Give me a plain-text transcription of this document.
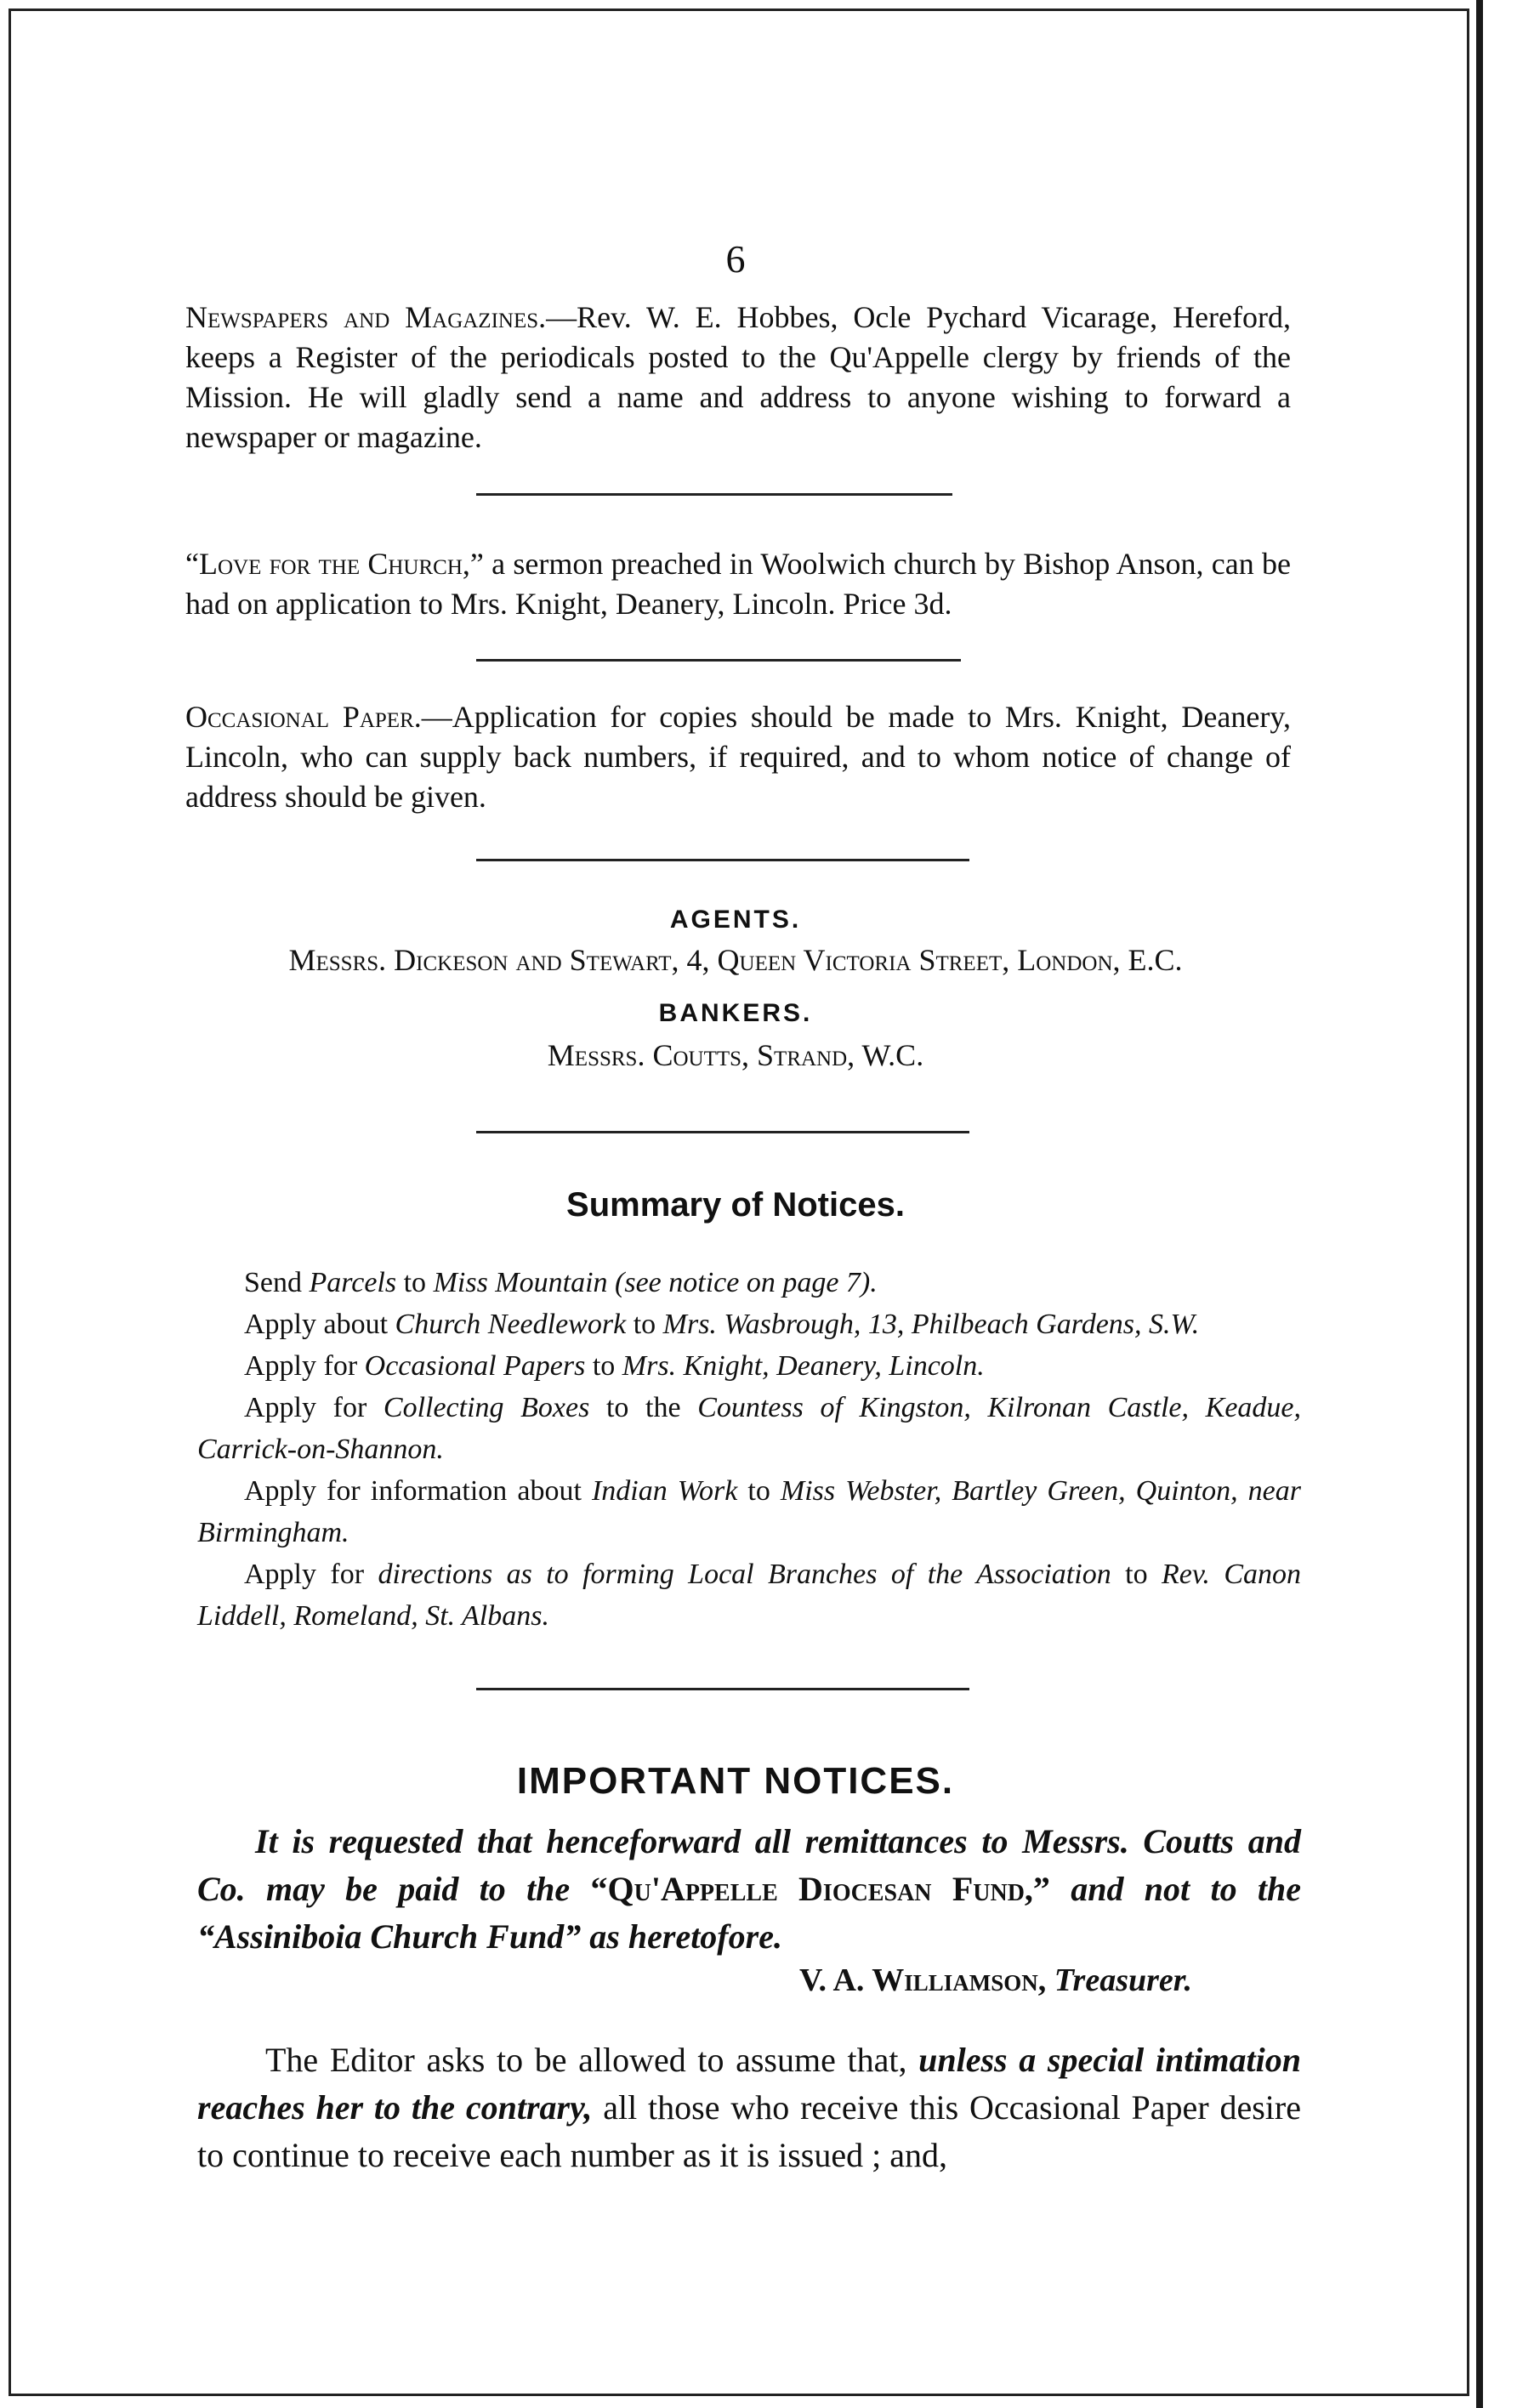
6
Newspapers and Magazines.—Rev. W. E. Hobbes, Ocle Pychard Vicarage, Hereford, keeps a Register of the periodicals posted to the Qu'Appelle clergy by friends of the Mission. He will gladly send a name and address to anyone wishing to forward a newspaper or magazine.
“Love for the Church,” a sermon preached in Woolwich church by Bishop Anson, can be had on application to Mrs. Knight, Deanery, Lincoln. Price 3d.
Occasional Paper.—Application for copies should be made to Mrs. Knight, Deanery, Lincoln, who can supply back numbers, if required, and to whom notice of change of address should be given.
AGENTS.
Messrs. Dickeson and Stewart, 4, Queen Victoria Street, London, E.C.
BANKERS.
Messrs. Coutts, Strand, W.C.
Summary of Notices.
Send Parcels to Miss Mountain (see notice on page 7).
Apply about Church Needlework to Mrs. Wasbrough, 13, Philbeach Gardens, S.W.
Apply for Occasional Papers to Mrs. Knight, Deanery, Lincoln.
Apply for Collecting Boxes to the Countess of Kingston, Kilronan Castle, Keadue, Carrick-on-Shannon.
Apply for information about Indian Work to Miss Webster, Bartley Green, Quinton, near Birmingham.
Apply for directions as to forming Local Branches of the Association to Rev. Canon Liddell, Romeland, St. Albans.
IMPORTANT NOTICES.
It is requested that henceforward all remittances to Messrs. Coutts and Co. may be paid to the “Qu'Appelle Diocesan Fund,” and not to the “Assiniboia Church Fund” as heretofore.
V. A. Williamson, Treasurer.
The Editor asks to be allowed to assume that, unless a special intimation reaches her to the contrary, all those who receive this Occasional Paper desire to continue to receive each number as it is issued ; and,
